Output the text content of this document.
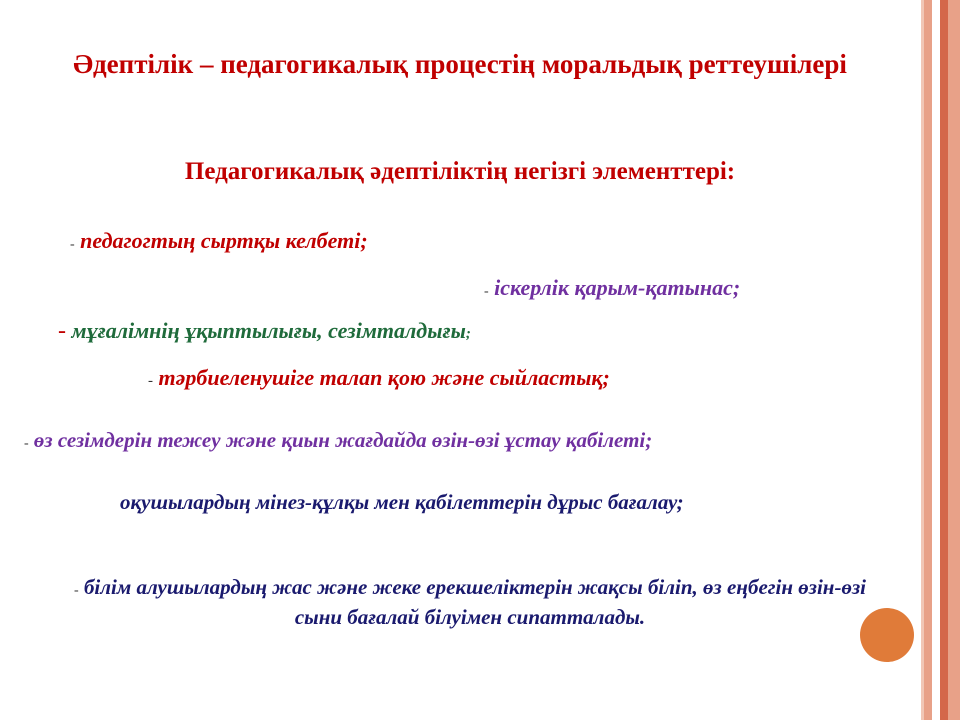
Әдептілік – педагогикалық процестің моральдық реттеушілері
Педагогикалық әдептіліктің негізгі элементтері:
- педагогтың сыртқы келбеті;
- іскерлік қарым-қатынас;
- мұғалімнің ұқыптылығы, сезімталдығы;
- тәрбиеленушіге талап қою және сыйластық;
- өз сезімдерін тежеу және қиын жағдайда өзін-өзі ұстау қабілеті;
оқушылардың мінез-құлқы мен қабілеттерін дұрыс бағалау;
- білім алушылардың жас және жеке ерекшеліктерін жақсы біліп, өз еңбегін өзін-өзі сыни бағалай білуімен сипатталады.
